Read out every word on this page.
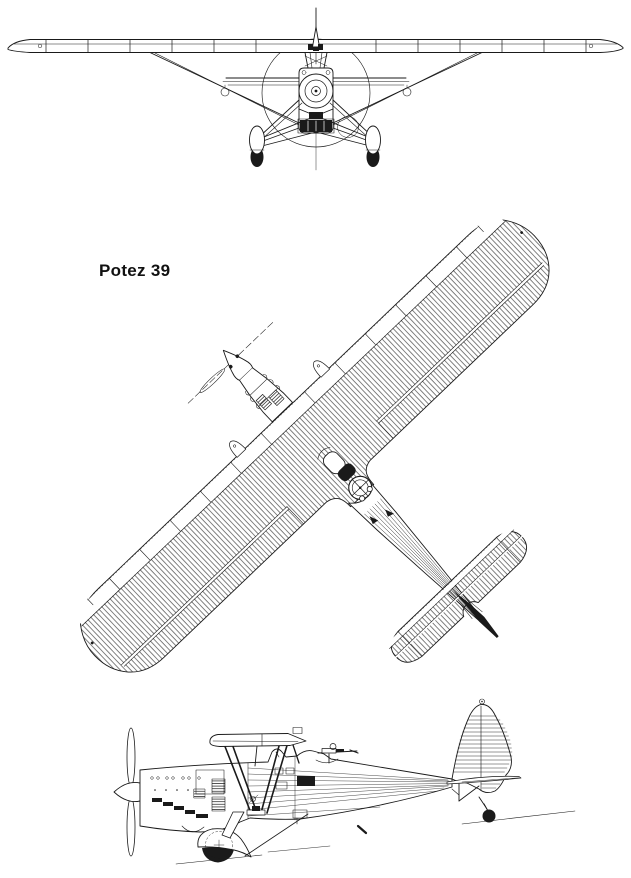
Potez 39
